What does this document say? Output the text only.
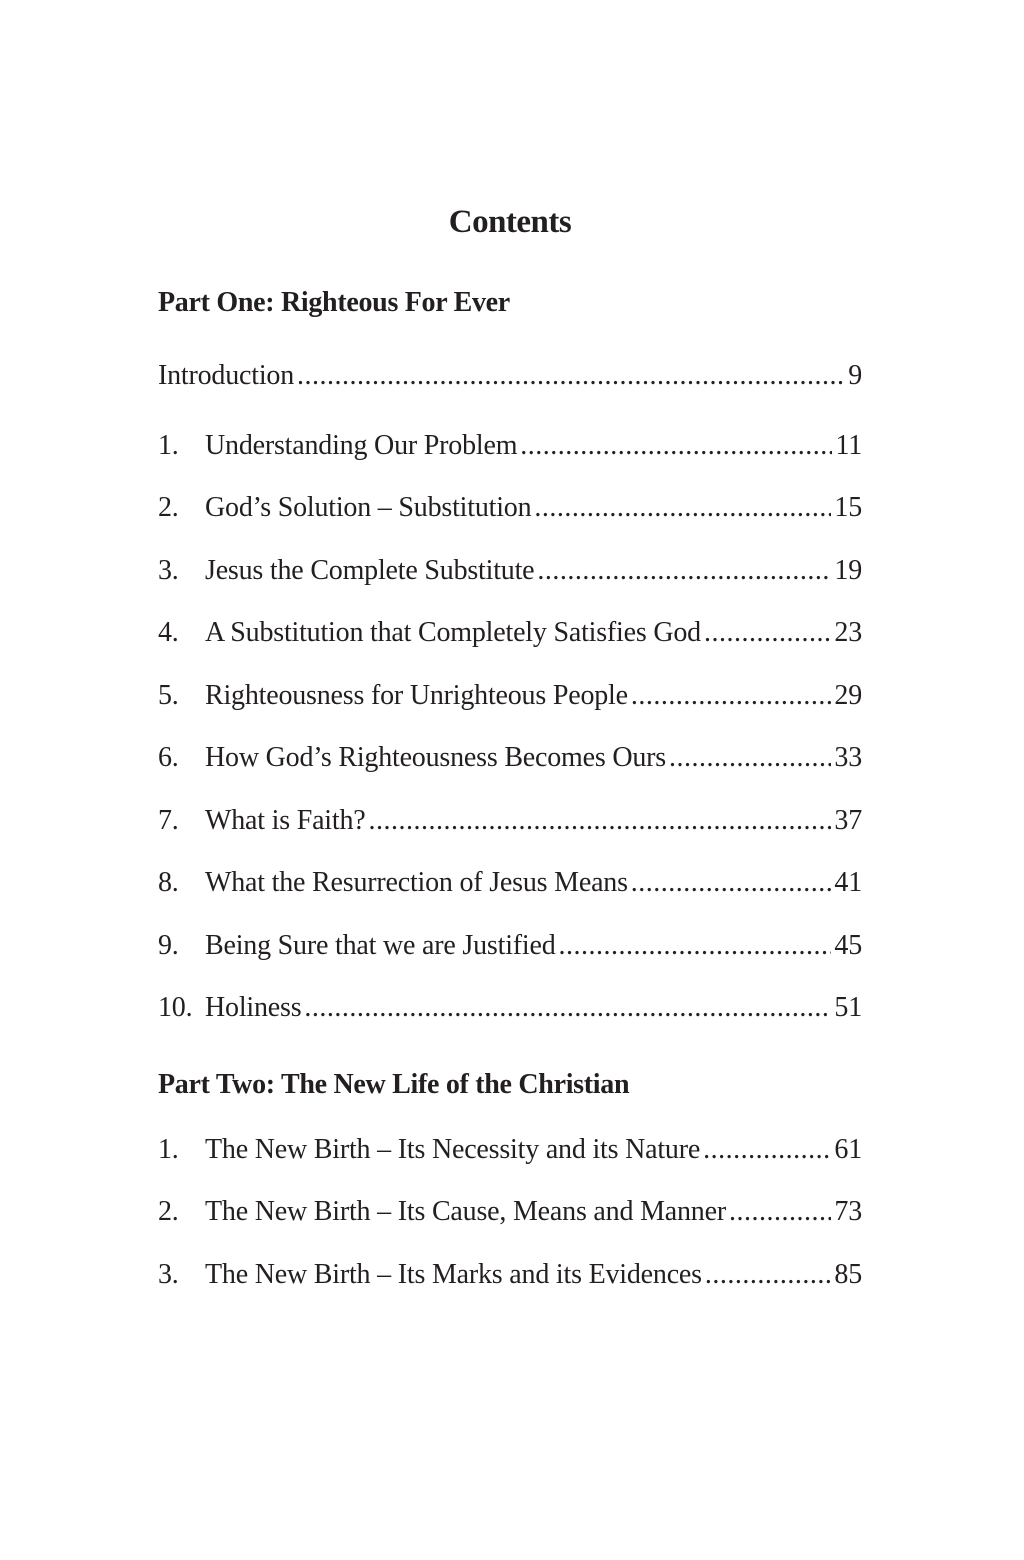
Contents
Part One: Righteous For Ever
Introduction .....	9
1. Understanding Our Problem .....	11
2. God’s Solution – Substitution .....	15
3. Jesus the Complete Substitute .....	19
4. A Substitution that Completely Satisfies God .....	23
5. Righteousness for Unrighteous People .....	29
6. How God’s Righteousness Becomes Ours .....	33
7. What is Faith? .....	37
8. What the Resurrection of Jesus Means .....	41
9. Being Sure that we are Justified .....	45
10. Holiness .....	51
Part Two: The New Life of the Christian
1. The New Birth – Its Necessity and its Nature .....	61
2. The New Birth – Its Cause, Means and Manner .....	73
3. The New Birth – Its Marks and its Evidences .....	85
